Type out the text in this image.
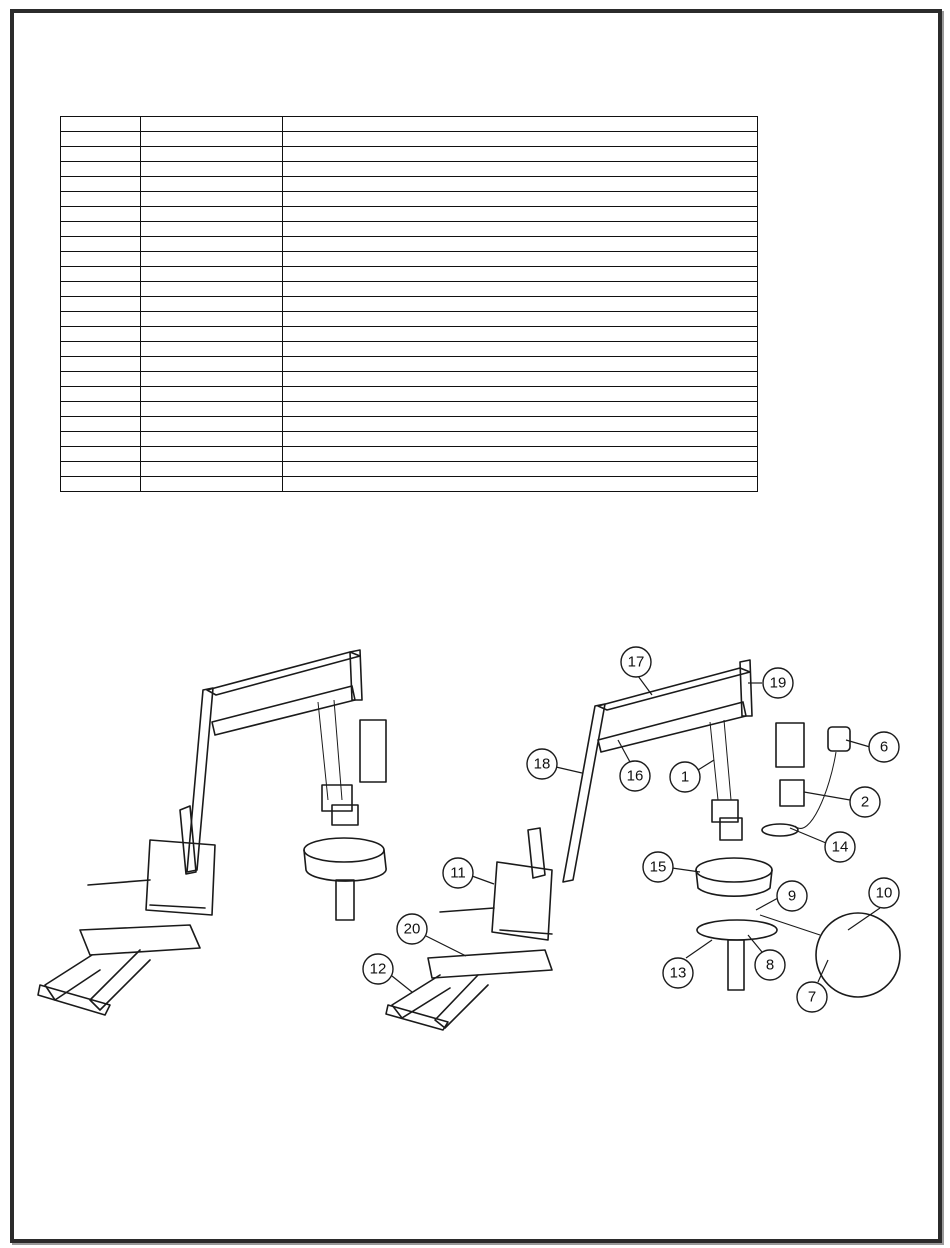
17
19
6
18
16 1
2
14
15
9	10
11
20
12	13	8
7
